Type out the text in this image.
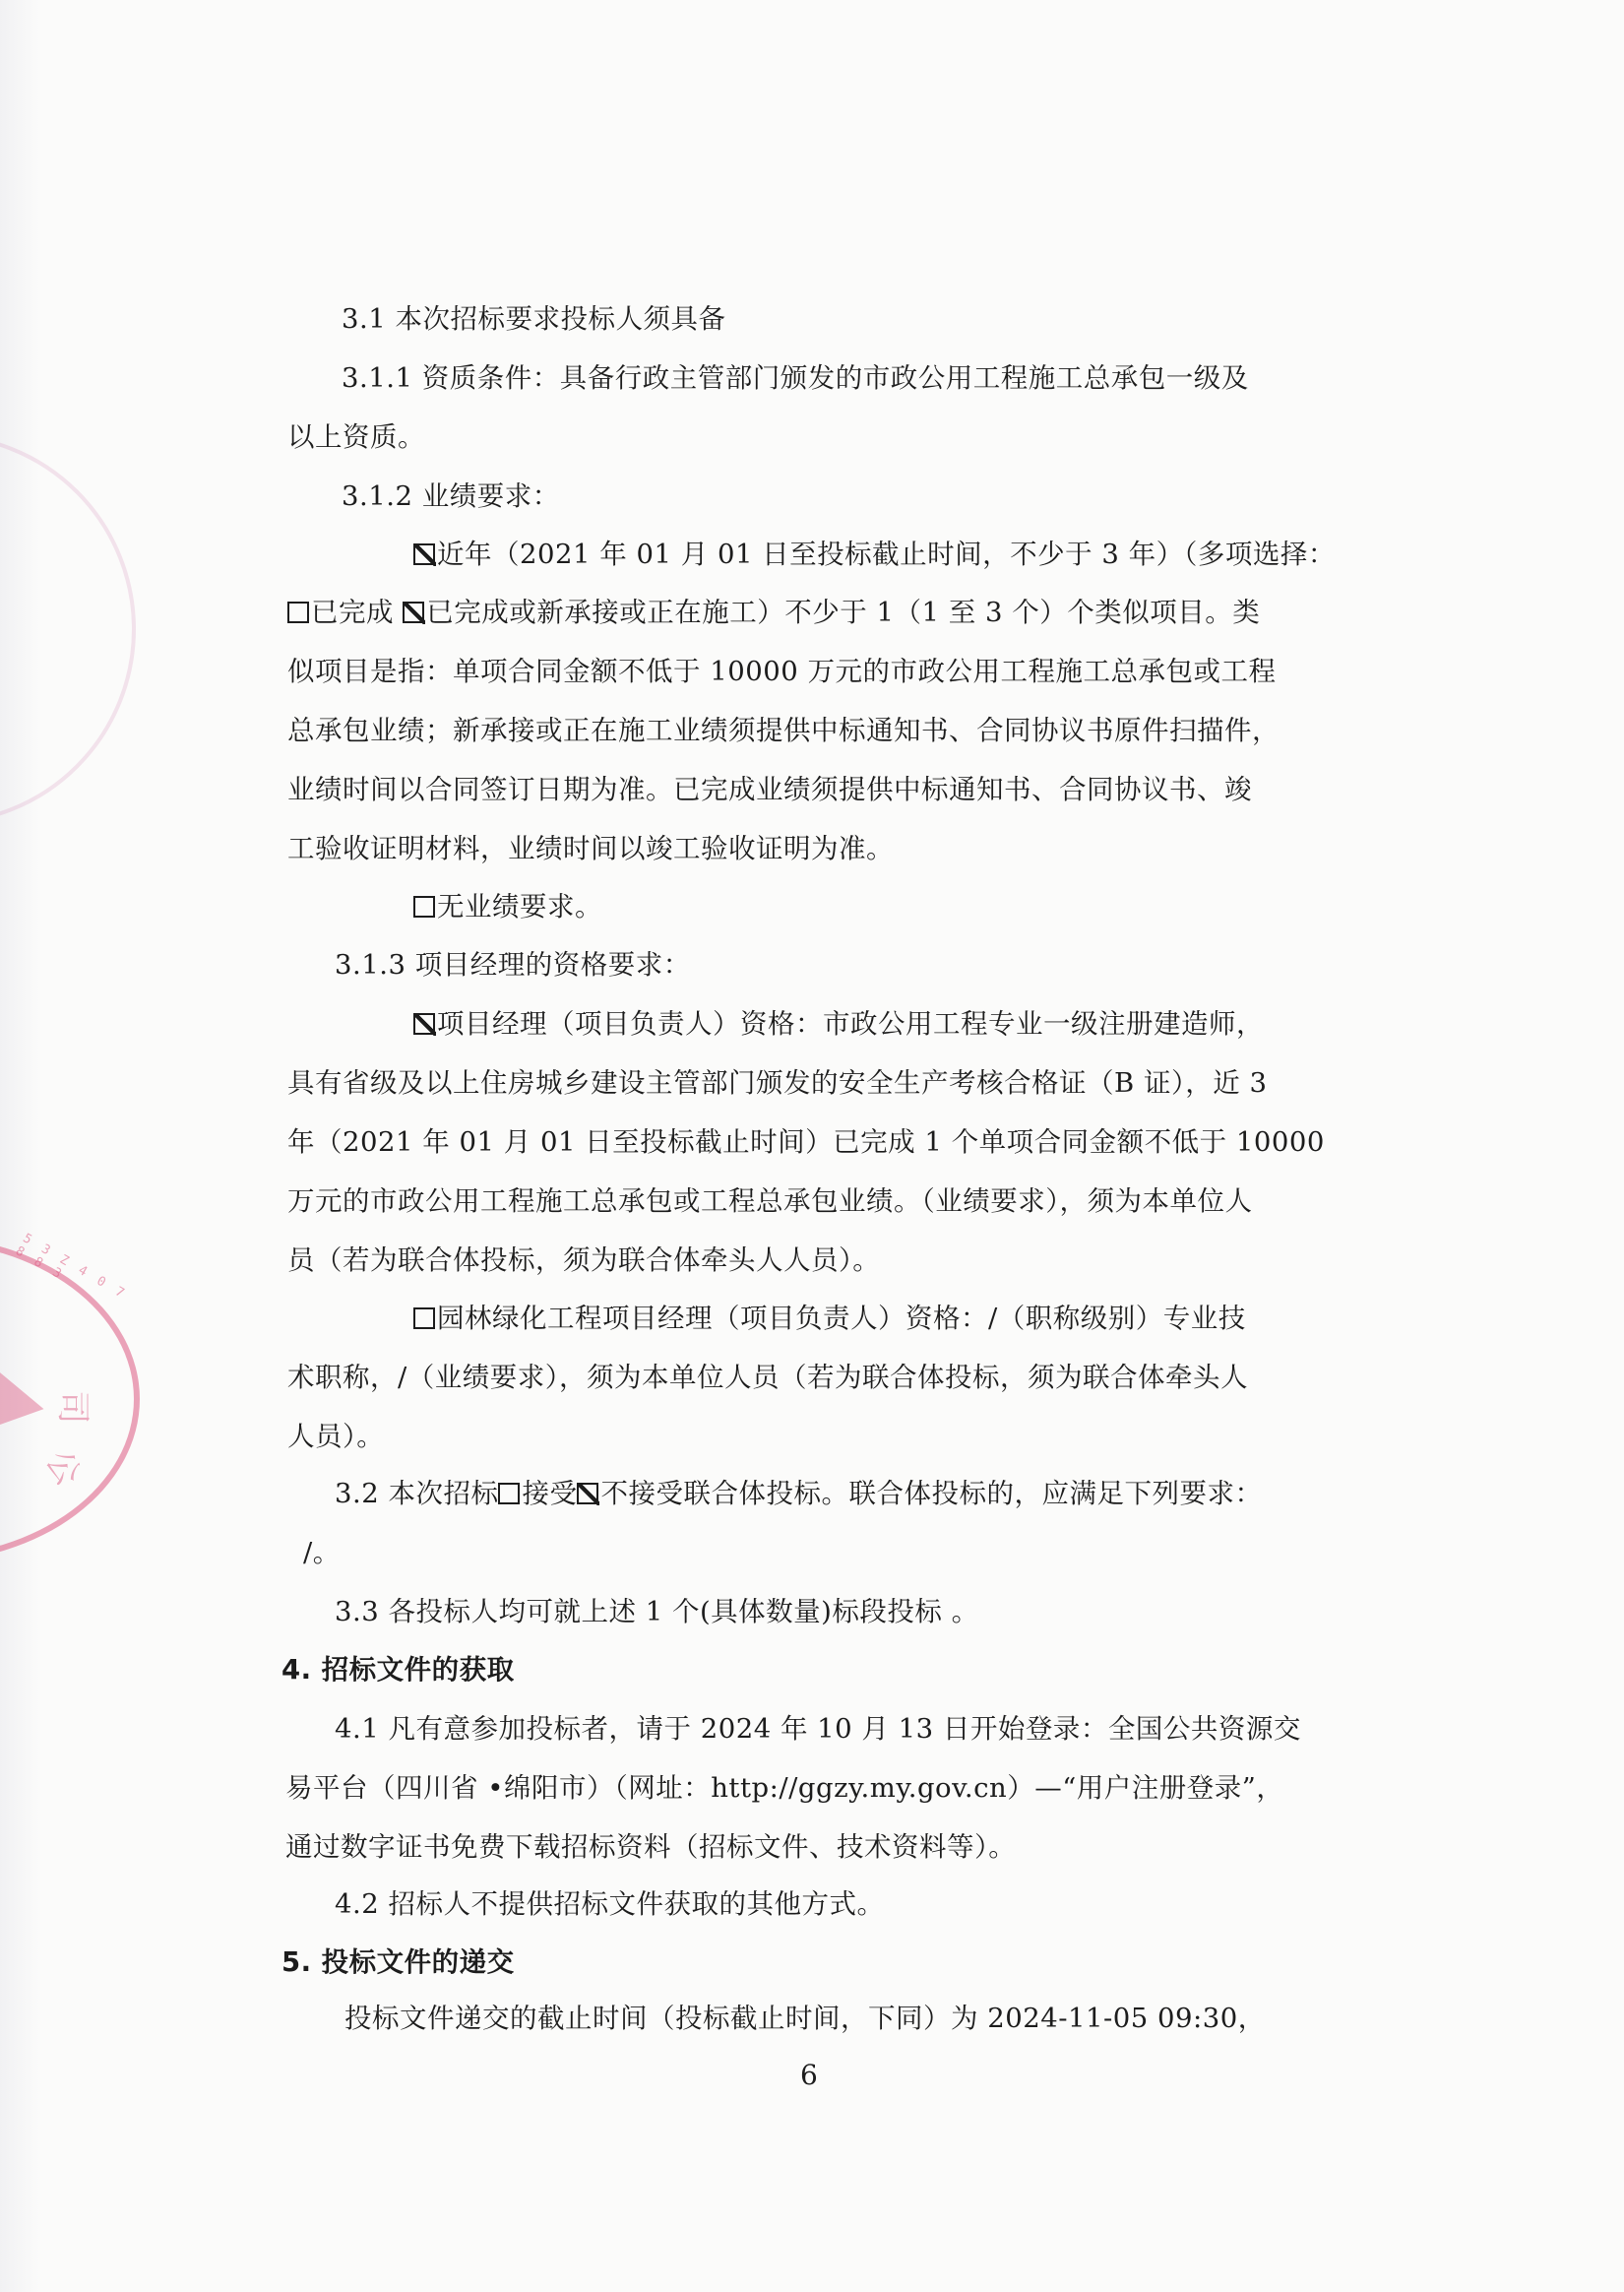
司
公
5 3 Z 4 0 7 8 8 3
3.1 本次招标要求投标人须具备
3.1.1 资质条件：具备行政主管部门颁发的市政公用工程施工总承包一级及
以上资质。
3.1.2 业绩要求：
近年（2021 年 01 月 01 日至投标截止时间，不少于 3 年）（多项选择：
已完成 已完成或新承接或正在施工）不少于 1（1 至 3 个）个类似项目。类
似项目是指：单项合同金额不低于 10000 万元的市政公用工程施工总承包或工程
总承包业绩；新承接或正在施工业绩须提供中标通知书、合同协议书原件扫描件，
业绩时间以合同签订日期为准。已完成业绩须提供中标通知书、合同协议书、竣
工验收证明材料，业绩时间以竣工验收证明为准。
无业绩要求。
3.1.3 项目经理的资格要求：
项目经理（项目负责人）资格：市政公用工程专业一级注册建造师，
具有省级及以上住房城乡建设主管部门颁发的安全生产考核合格证（B 证），近 3
年（2021 年 01 月 01 日至投标截止时间）已完成 1 个单项合同金额不低于 10000
万元的市政公用工程施工总承包或工程总承包业绩。（业绩要求），须为本单位人
员（若为联合体投标，须为联合体牵头人人员）。
园林绿化工程项目经理（项目负责人）资格：/（职称级别）专业技
术职称，/（业绩要求），须为本单位人员（若为联合体投标，须为联合体牵头人
人员）。
3.2 本次招标 接受 不接受联合体投标。联合体投标的，应满足下列要求：
/。
3.3 各投标人均可就上述 1 个(具体数量)标段投标 。
4. 招标文件的获取
4.1 凡有意参加投标者，请于 2024 年 10 月 13 日开始登录：全国公共资源交
易平台（四川省 •绵阳市）（网址：http://ggzy.my.gov.cn）—“用户注册登录”，
通过数字证书免费下载招标资料（招标文件、技术资料等）。
4.2 招标人不提供招标文件获取的其他方式。
5. 投标文件的递交
投标文件递交的截止时间（投标截止时间，下同）为 2024-11-05 09:30，
6
